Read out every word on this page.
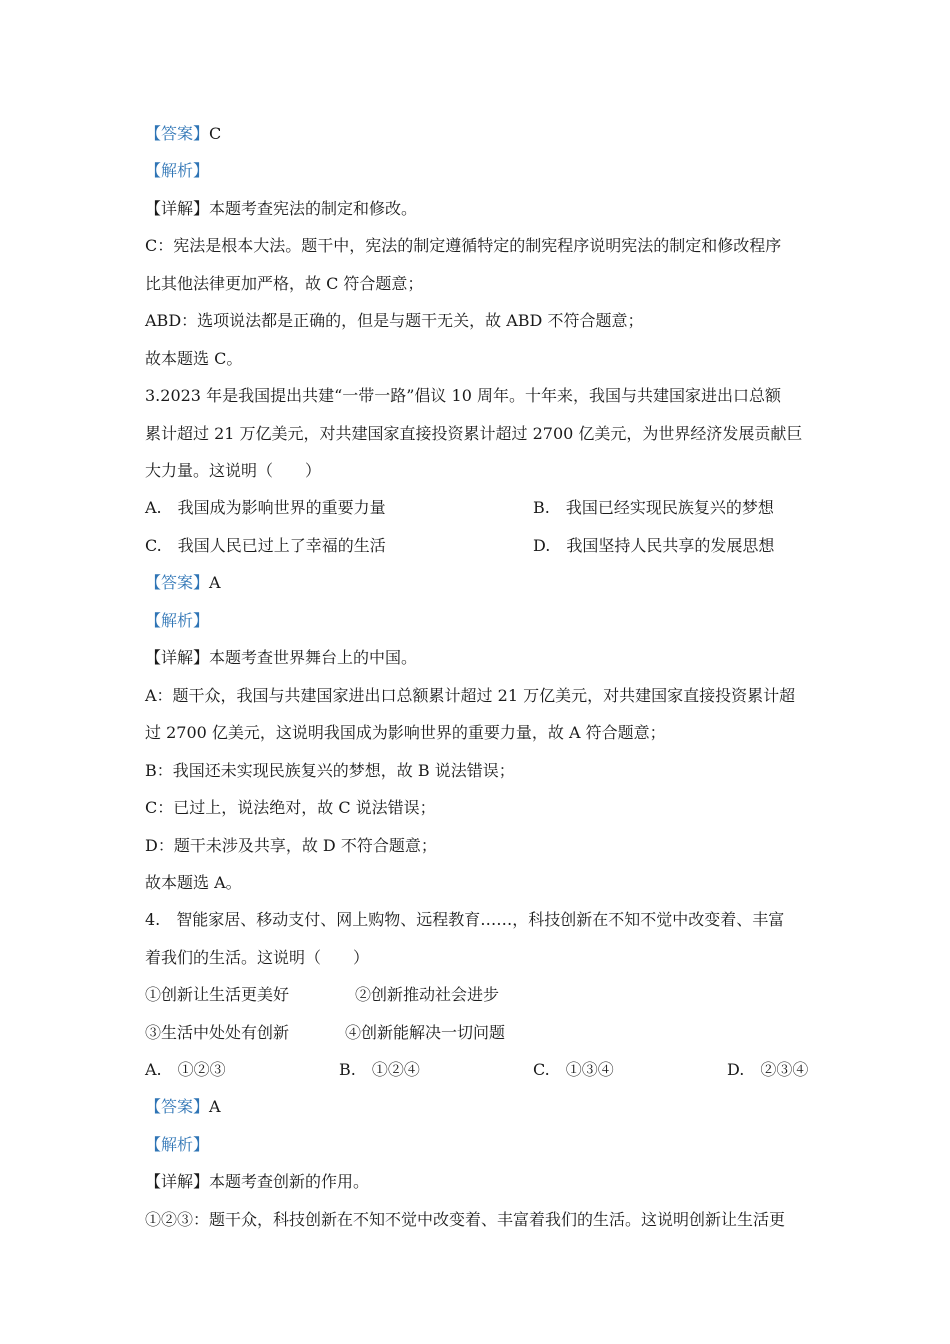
【答案】C
【解析】
【详解】本题考查宪法的制定和修改。
C：宪法是根本大法。题干中，宪法的制定遵循特定的制宪程序说明宪法的制定和修改程序
比其他法律更加严格，故 C 符合题意；
ABD：选项说法都是正确的，但是与题干无关，故 ABD 不符合题意；
故本题选 C。
3.2023 年是我国提出共建“一带一路”倡议 10 周年。十年来，我国与共建国家进出口总额
累计超过 21 万亿美元，对共建国家直接投资累计超过 2700 亿美元，为世界经济发展贡献巨
大力量。这说明（　　）
A.　我国成为影响世界的重要力量	B.　我国已经实现民族复兴的梦想
C.　我国人民已过上了幸福的生活	D.　我国坚持人民共享的发展思想
【答案】A
【解析】
【详解】本题考查世界舞台上的中国。
A：题干众，我国与共建国家进出口总额累计超过 21 万亿美元，对共建国家直接投资累计超
过 2700 亿美元，这说明我国成为影响世界的重要力量，故 A 符合题意；
B：我国还未实现民族复兴的梦想，故 B 说法错误；
C：已过上，说法绝对，故 C 说法错误；
D：题干未涉及共享，故 D 不符合题意；
故本题选 A。
4.　智能家居、移动支付、网上购物、远程教育……，科技创新在不知不觉中改变着、丰富
着我们的生活。这说明（　　）
①创新让生活更美好	②创新推动社会进步
③生活中处处有创新	④创新能解决一切问题
A.　①②③	B.　①②④	C.　①③④	D.　②③④
【答案】A
【解析】
【详解】本题考查创新的作用。
①②③：题干众，科技创新在不知不觉中改变着、丰富着我们的生活。这说明创新让生活更
